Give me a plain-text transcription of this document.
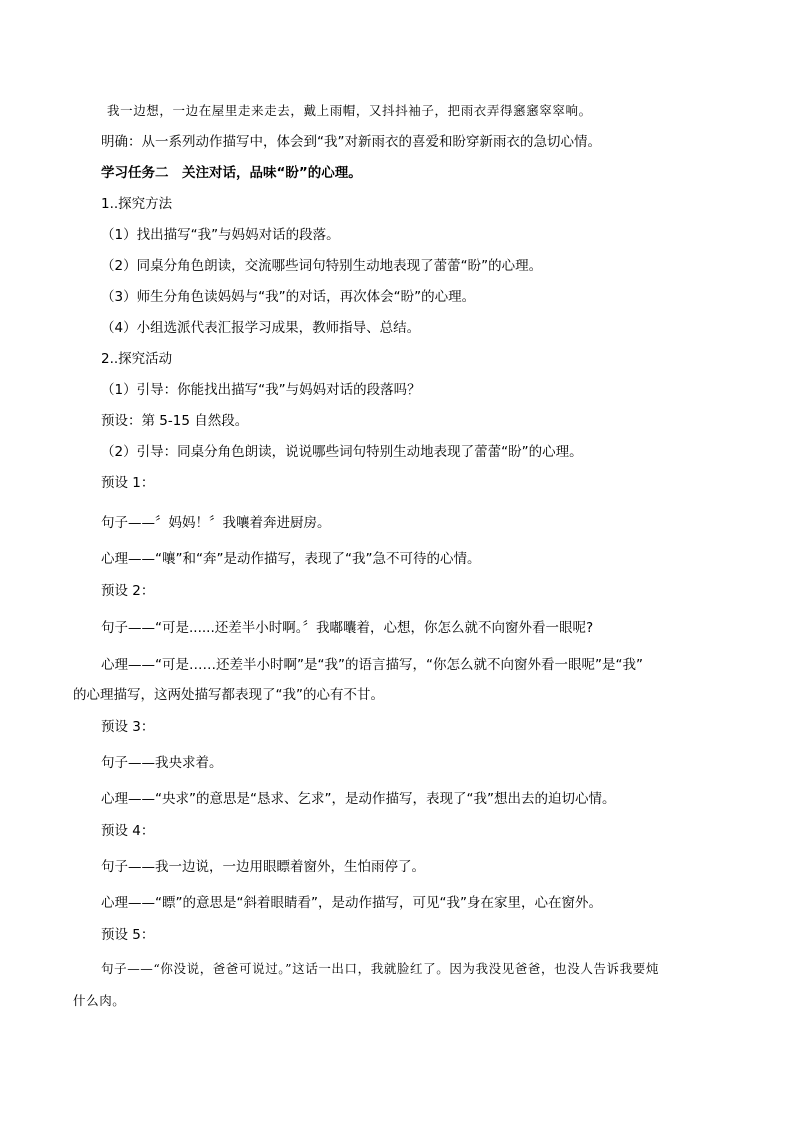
我一边想，一边在屋里走来走去，戴上雨帽，又抖抖袖子，把雨衣弄得窸窸窣窣响。
明确：从一系列动作描写中，体会到“我”对新雨衣的喜爱和盼穿新雨衣的急切心情。
学习任务二　关注对话，品味“盼”的心理。
1..探究方法
（1）找出描写“我”与妈妈对话的段落。
（2）同桌分角色朗读，交流哪些词句特别生动地表现了蕾蕾“盼”的心理。
（3）师生分角色读妈妈与“我”的对话，再次体会“盼”的心理。
（4）小组选派代表汇报学习成果，教师指导、总结。
2..探究活动
（1）引导：你能找出描写“我”与妈妈对话的段落吗？
预设：第 5-15 自然段。
（2）引导：同桌分角色朗读，说说哪些词句特别生动地表现了蕾蕾“盼”的心理。
预设 1：
句子——〞妈妈！〞我嚷着奔进厨房。
心理——“嚷”和“奔”是动作描写，表现了“我”急不可待的心情。
预设 2：
句子——“可是......还差半小时啊。〞我嘟囔着，心想，你怎么就不向窗外看一眼呢?
心理——“可是……还差半小时啊”是“我”的语言描写，“你怎么就不向窗外看一眼呢”是“我”
的心理描写，这两处描写都表现了“我”的心有不甘。
预设 3：
句子——我央求着。
心理——“央求”的意思是“恳求、乞求”，是动作描写，表现了“我”想出去的迫切心情。
预设 4：
句子——我一边说，一边用眼瞟着窗外，生怕雨停了。
心理——“瞟”的意思是“斜着眼睛看”，是动作描写，可见“我”身在家里，心在窗外。
预设 5：
句子——“你没说，爸爸可说过。”这话一出口，我就脸红了。因为我没见爸爸，也没人告诉我要炖
什么肉。
